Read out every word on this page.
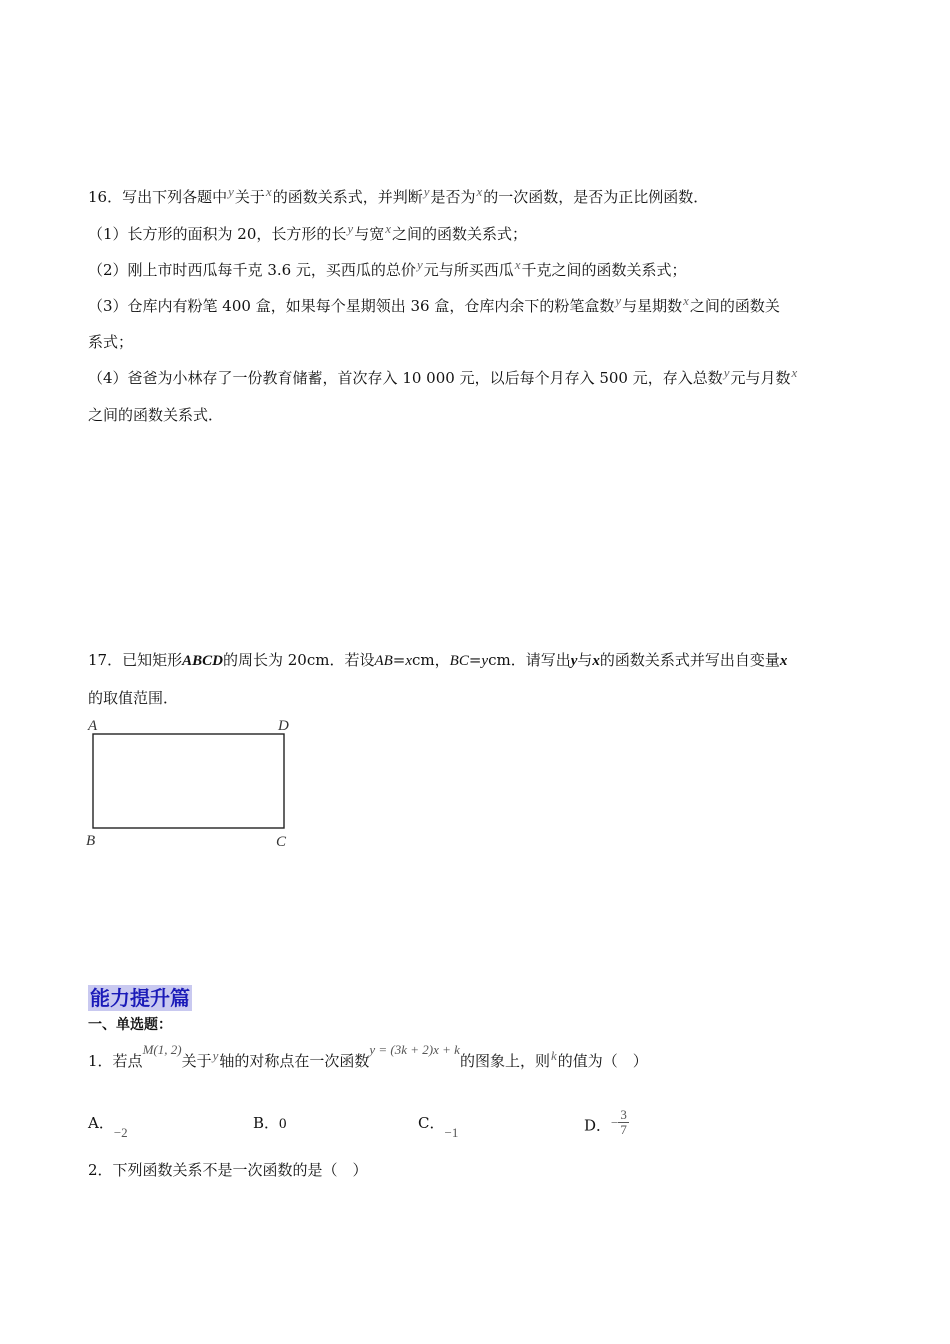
16．写出下列各题中y关于x的函数关系式，并判断y是否为x的一次函数，是否为正比例函数．
（1）长方形的面积为 20，长方形的长y与宽x之间的函数关系式；
（2）刚上市时西瓜每千克 3.6 元，买西瓜的总价y元与所买西瓜x千克之间的函数关系式；
（3）仓库内有粉笔 400 盒，如果每个星期领出 36 盒，仓库内余下的粉笔盒数y与星期数x之间的函数关
系式；
（4）爸爸为小林存了一份教育储蓄，首次存入 10 000 元，以后每个月存入 500 元，存入总数y元与月数x
之间的函数关系式．
17．已知矩形ABCD的周长为 20cm．若设AB=xcm，BC=ycm．请写出y与x的函数关系式并写出自变量x
的取值范围．
A	D
B	C
能力提升篇
一、单选题：
1．若点M(1, 2)关于y轴的对称点在一次函数y = (3k + 2)x + k的图象上，则k的值为（　）
A．−2
B．0	C．−1	D．− $\frac{3}{7}$
2．下列函数关系不是一次函数的是（　）
